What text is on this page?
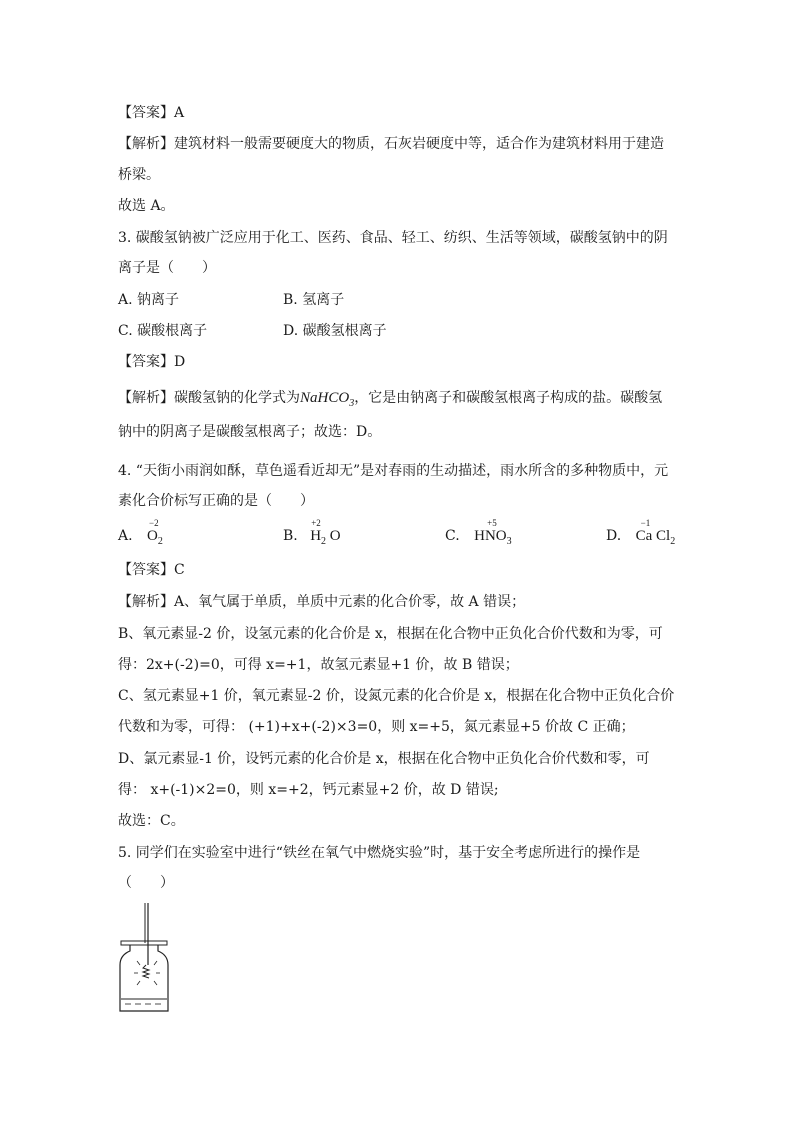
【答案】A
【解析】建筑材料一般需要硬度大的物质，石灰岩硬度中等，适合作为建筑材料用于建造
桥梁。
故选 A。
3. 碳酸氢钠被广泛应用于化工、医药、食品、轻工、纺织、生活等领域，碳酸氢钠中的阴
离子是（　　）
A. 钠离子	B. 氢离子
C. 碳酸根离子	D. 碳酸氢根离子
【答案】D
【解析】碳酸氢钠的化学式为NaHCO$_3$，它是由钠离子和碳酸氢根离子构成的盐。碳酸氢
钠中的阴离子是碳酸氢根离子；故选：D。
4. “天街小雨润如酥，草色遥看近却无”是对春雨的生动描述，雨水所含的多种物质中，元
素化合价标写正确的是（　　）
A.
−2
$O_2$	B.
+2
$H_2$ O	C.
+5
$HNO_3$	D.
−1
Ca $Cl_2$
【答案】C
【解析】A、氧气属于单质，单质中元素的化合价零，故 A 错误；
B、氧元素显-2 价，设氢元素的化合价是 x，根据在化合物中正负化合价代数和为零，可
得：2x+(-2)=0，可得 x=+1，故氢元素显+1 价，故 B 错误；
C、氢元素显+1 价，氧元素显-2 价，设氮元素的化合价是 x，根据在化合物中正负化合价
代数和为零，可得： (+1)+x+(-2)×3=0，则 x=+5，氮元素显+5 价故 C 正确；
D、氯元素显-1 价，设钙元素的化合价是 x，根据在化合物中正负化合价代数和零，可
得： x+(-1)×2=0，则 x=+2，钙元素显+2 价，故 D 错误;
故选：C。
5. 同学们在实验室中进行“铁丝在氧气中燃烧实验”时，基于安全考虑所进行的操作是
（　　）
